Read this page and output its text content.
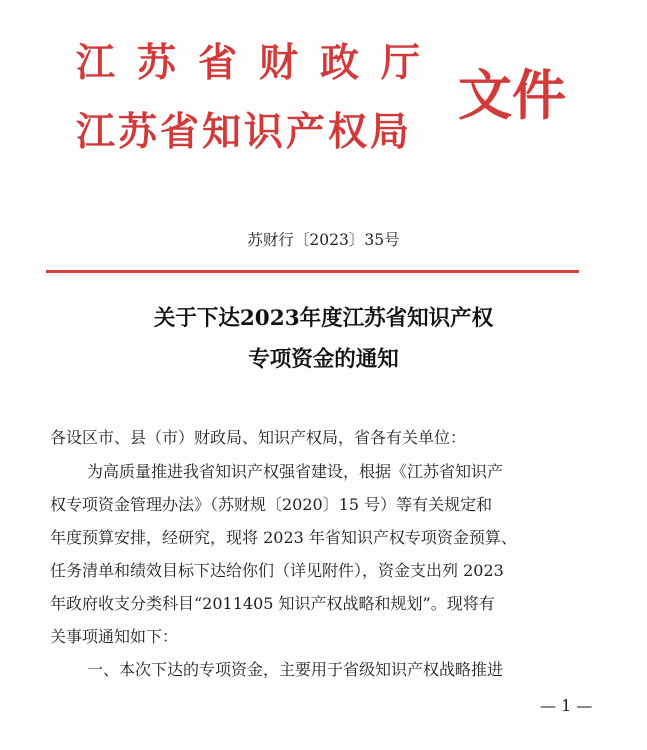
江苏省财政厅
江苏省知识产权局
文件
苏财行〔2023〕35号
关于下达2023年度江苏省知识产权
专项资金的通知
各设区市、县（市）财政局、知识产权局，省各有关单位：
为高质量推进我省知识产权强省建设，根据《江苏省知识产
权专项资金管理办法》（苏财规〔2020〕15 号）等有关规定和
年度预算安排，经研究，现将 2023 年省知识产权专项资金预算、
任务清单和绩效目标下达给你们（详见附件），资金支出列 2023
年政府收支分类科目“2011405 知识产权战略和规划”。现将有
关事项通知如下：
一、本次下达的专项资金，主要用于省级知识产权战略推进
— 1 —
